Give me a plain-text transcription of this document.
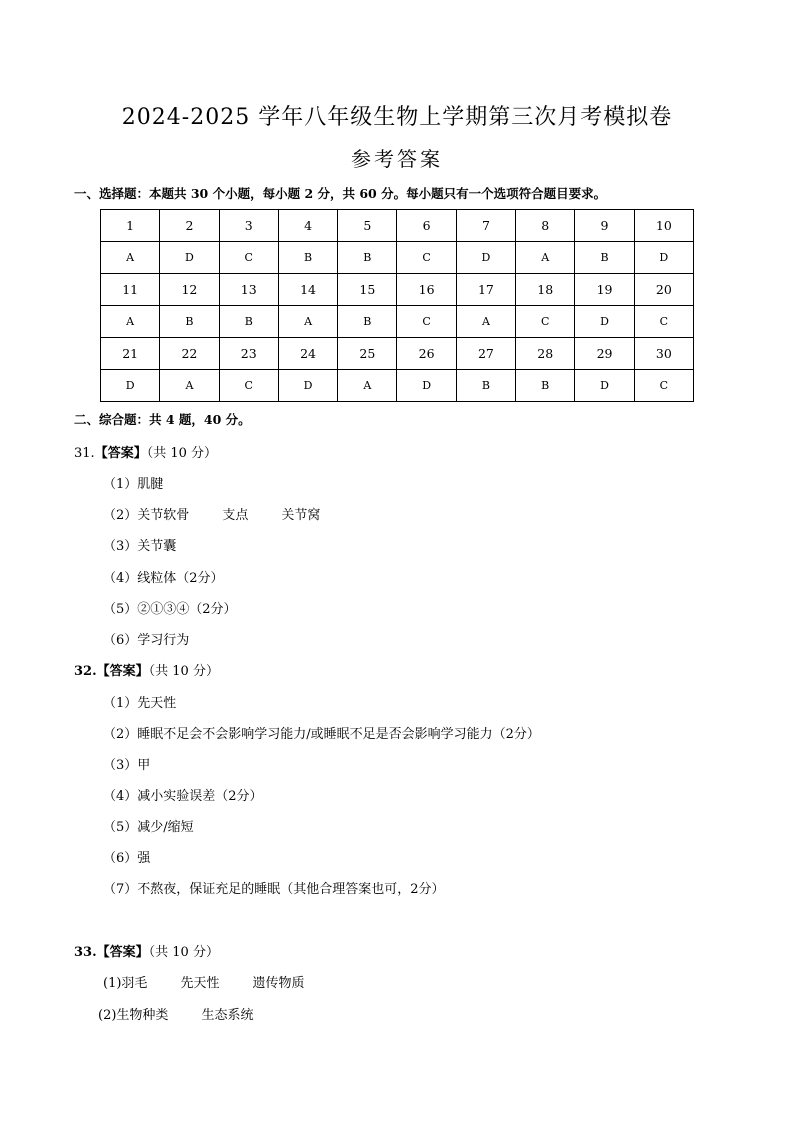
2024-2025 学年八年级生物上学期第三次月考模拟卷
参考答案
一、选择题：本题共 30 个小题，每小题 2 分，共 60 分。每小题只有一个选项符合题目要求。
1	2	3	4	5	6	7	8	9	10
A	D	C	B	B	C	D	A	B	D
11	12	13	14	15	16	17	18	19	20
A	B	B	A	B	C	A	C	D	C
21	22	23	24	25	26	27	28	29	30
D	A	C	D	A	D	B	B	D	C
二、综合题：共 4 题，40 分。
31.【答案】（共 10 分）
（1）肌腱
（2）关节软骨        支点        关节窝
（3）关节囊
（4）线粒体（2分）
（5）②①③④（2分）
（6）学习行为
32.【答案】（共 10 分）
（1）先天性
（2）睡眠不足会不会影响学习能力/或睡眠不足是否会影响学习能力（2分）
（3）甲
（4）减小实验误差（2分）
（5）减少/缩短
（6）强
（7）不熬夜，保证充足的睡眠（其他合理答案也可，2分）
33.【答案】（共 10 分）
(1)羽毛        先天性        遗传物质
(2)生物种类        生态系统
